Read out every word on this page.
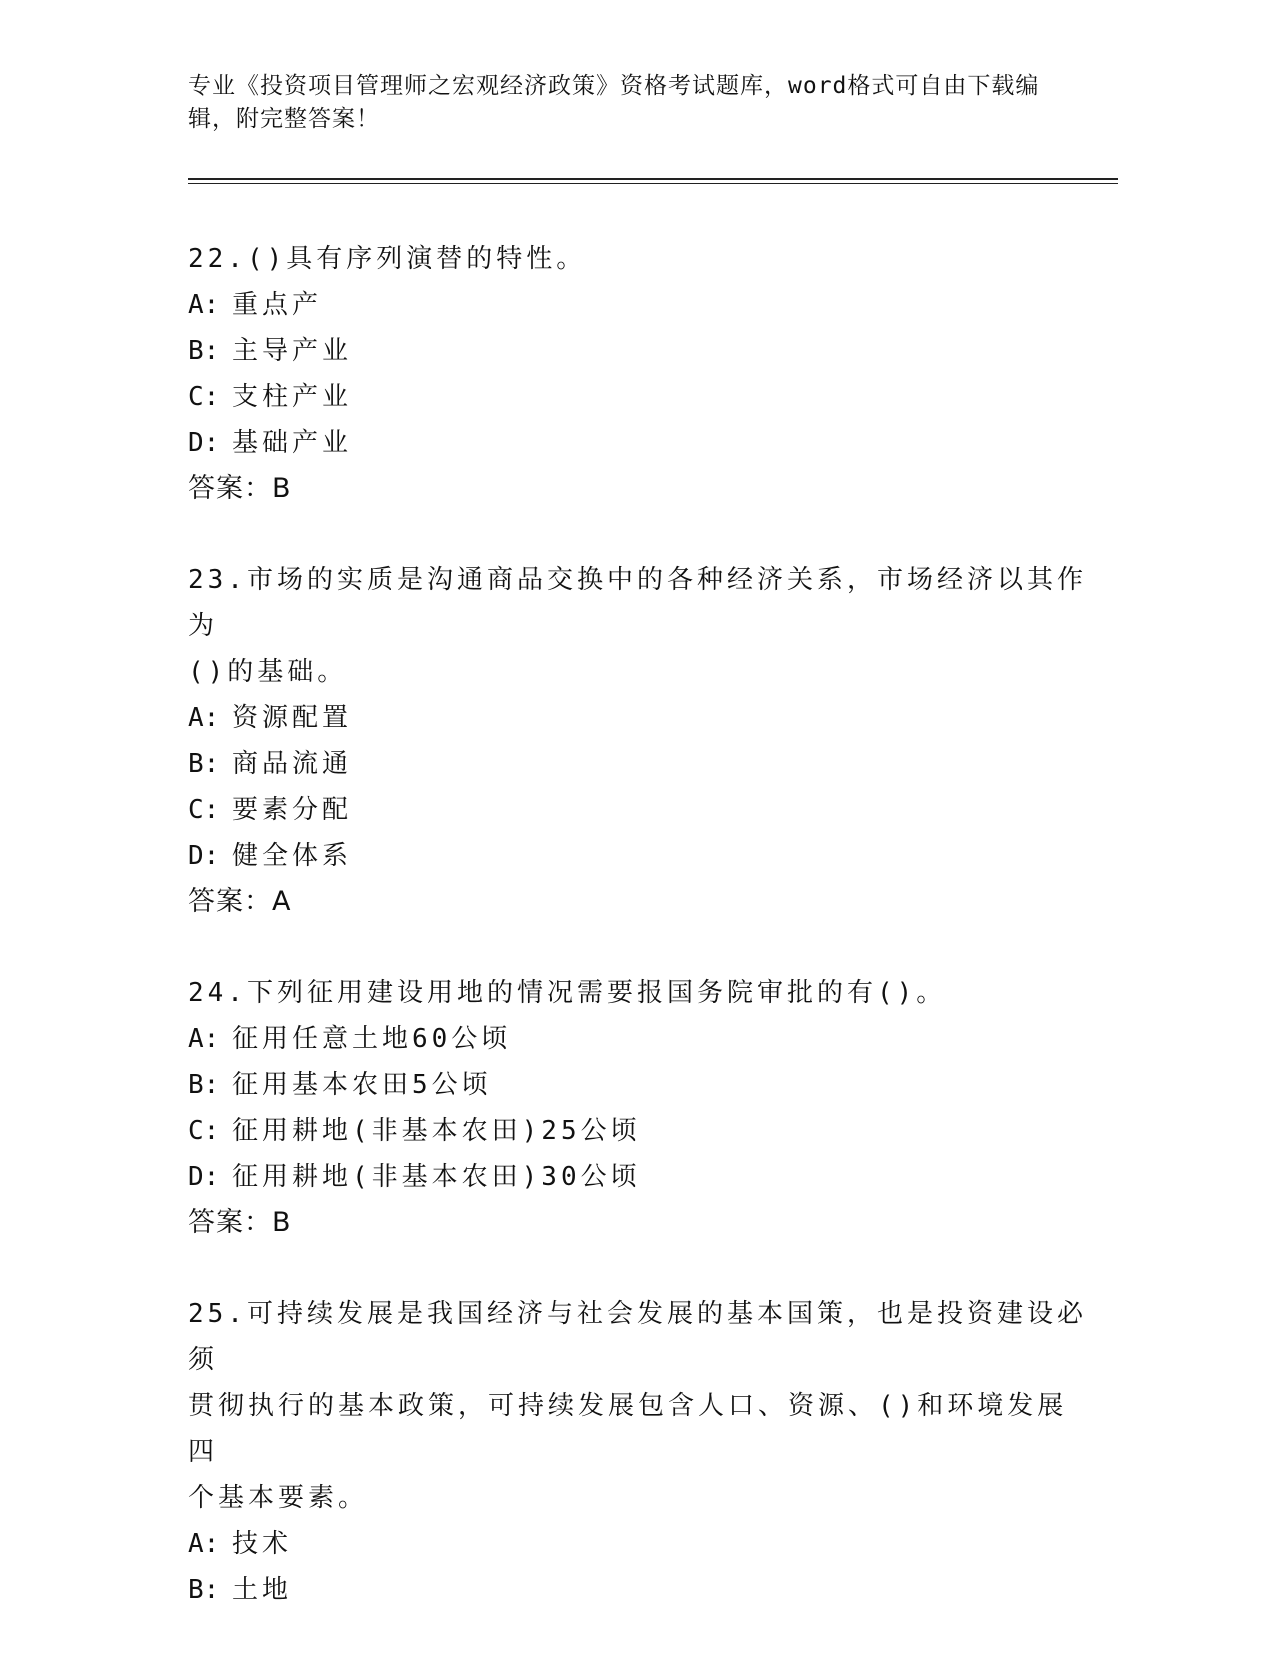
专业《投资项目管理师之宏观经济政策》资格考试题库，word格式可自由下载编
辑，附完整答案！

22.()具有序列演替的特性。

A: 重点产

B: 主导产业

C: 支柱产业

D: 基础产业

答案：B

23.市场的实质是沟通商品交换中的各种经济关系，市场经济以其作为

()的基础。

A: 资源配置

B: 商品流通

C: 要素分配

D: 健全体系

答案：A

24.下列征用建设用地的情况需要报国务院审批的有()。

A: 征用任意土地60公顷

B: 征用基本农田5公顷

C: 征用耕地(非基本农田)25公顷

D: 征用耕地(非基本农田)30公顷

答案：B

25.可持续发展是我国经济与社会发展的基本国策，也是投资建设必须

贯彻执行的基本政策，可持续发展包含人口、资源、()和环境发展四

个基本要素。

A: 技术

B: 土地
